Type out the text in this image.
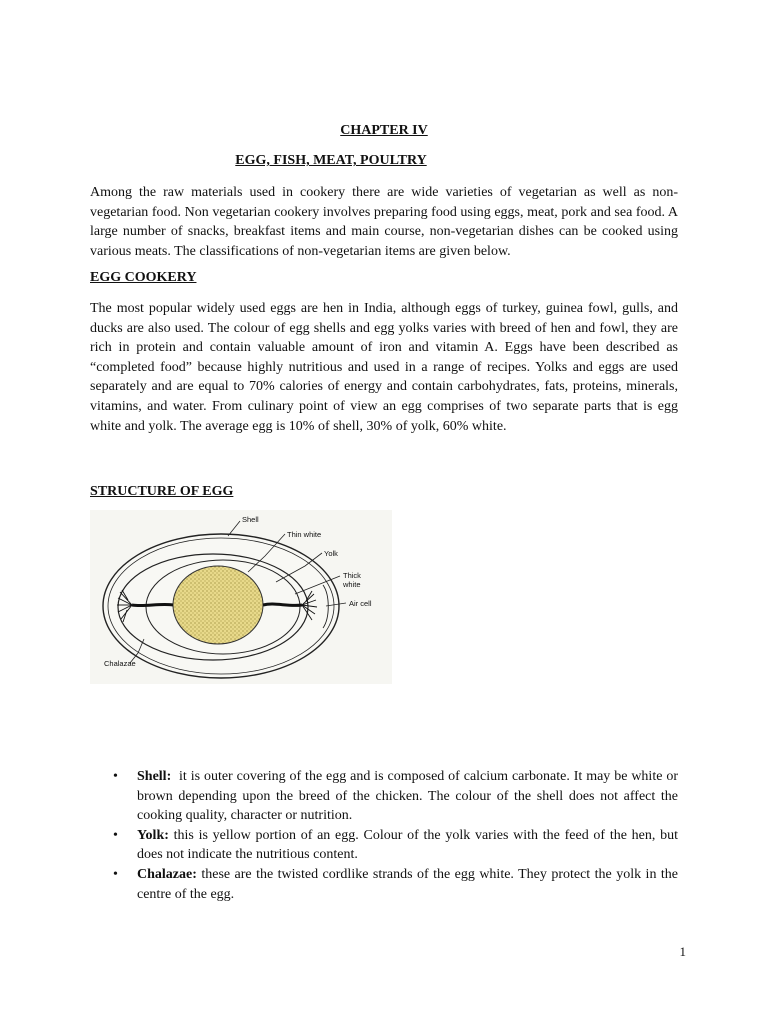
CHAPTER IV
EGG, FISH, MEAT, POULTRY

Among the raw materials used in cookery there are wide varieties of vegetarian as well as non-vegetarian food. Non vegetarian cookery involves preparing food using eggs, meat, pork and sea food. A large number of snacks, breakfast items and main course, non-vegetarian dishes can be cooked using various meats. The classifications of non-vegetarian items are given below.

EGG COOKERY

The most popular widely used eggs are hen in India, although eggs of turkey, guinea fowl, gulls, and ducks are also used. The colour of egg shells and egg yolks varies with breed of hen and fowl, they are rich in protein and contain valuable amount of iron and vitamin A. Eggs have been described as “completed food” because highly nutritious and used in a range of recipes. Yolks and eggs are used separately and are equal to 70% calories of energy and contain carbohydrates, fats, proteins, minerals, vitamins, and water. From culinary point of view an egg comprises of two separate parts that is egg white and yolk. The average egg is 10% of shell, 30% of yolk, 60% white.

STRUCTURE OF EGG
Shell
Thin white
Yolk
Thick
white
Air cell
Chalazae
• Shell:  it is outer covering of the egg and is composed of calcium carbonate. It may be white or brown depending upon the breed of the chicken. The colour of the shell does not affect the cooking quality, character or nutrition.
• Yolk: this is yellow portion of an egg. Colour of the yolk varies with the feed of the hen, but does not indicate the nutritious content.
• Chalazae: these are the twisted cordlike strands of the egg white. They protect the yolk in the centre of the egg.
1
